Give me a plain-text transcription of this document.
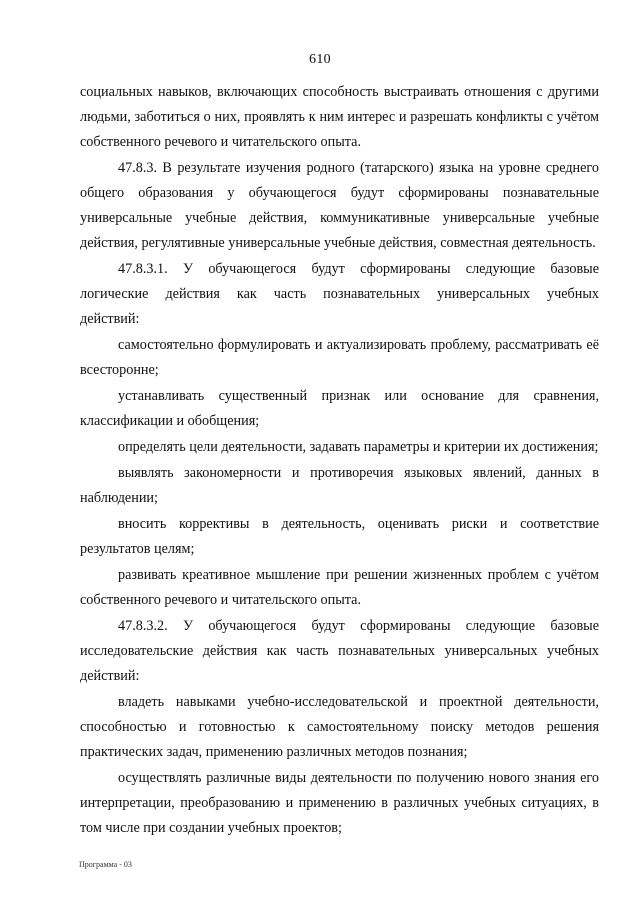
610

социальных навыков, включающих способность выстраивать отношения с другими людьми, заботиться о них, проявлять к ним интерес и разрешать конфликты с учётом собственного речевого и читательского опыта.

47.8.3. В результате изучения родного (татарского) языка на уровне среднего общего образования у обучающегося будут сформированы познавательные универсальные учебные действия, коммуникативные универсальные учебные действия, регулятивные универсальные учебные действия, совместная деятельность.

47.8.3.1. У обучающегося будут сформированы следующие базовые логические действия как часть познавательных универсальных учебных действий:

самостоятельно формулировать и актуализировать проблему, рассматривать её всесторонне;

устанавливать существенный признак или основание для сравнения, классификации и обобщения;

определять цели деятельности, задавать параметры и критерии их достижения;

выявлять закономерности и противоречия языковых явлений, данных в наблюдении;

вносить коррективы в деятельность, оценивать риски и соответствие результатов целям;

развивать креативное мышление при решении жизненных проблем с учётом собственного речевого и читательского опыта.

47.8.3.2. У обучающегося будут сформированы следующие базовые исследовательские действия как часть познавательных универсальных учебных действий:

владеть навыками учебно-исследовательской и проектной деятельности, способностью и готовностью к самостоятельному поиску методов решения практических задач, применению различных методов познания;

осуществлять различные виды деятельности по получению нового знания его интерпретации, преобразованию и применению в различных учебных ситуациях, в том числе при создании учебных проектов;

Программа - 03
